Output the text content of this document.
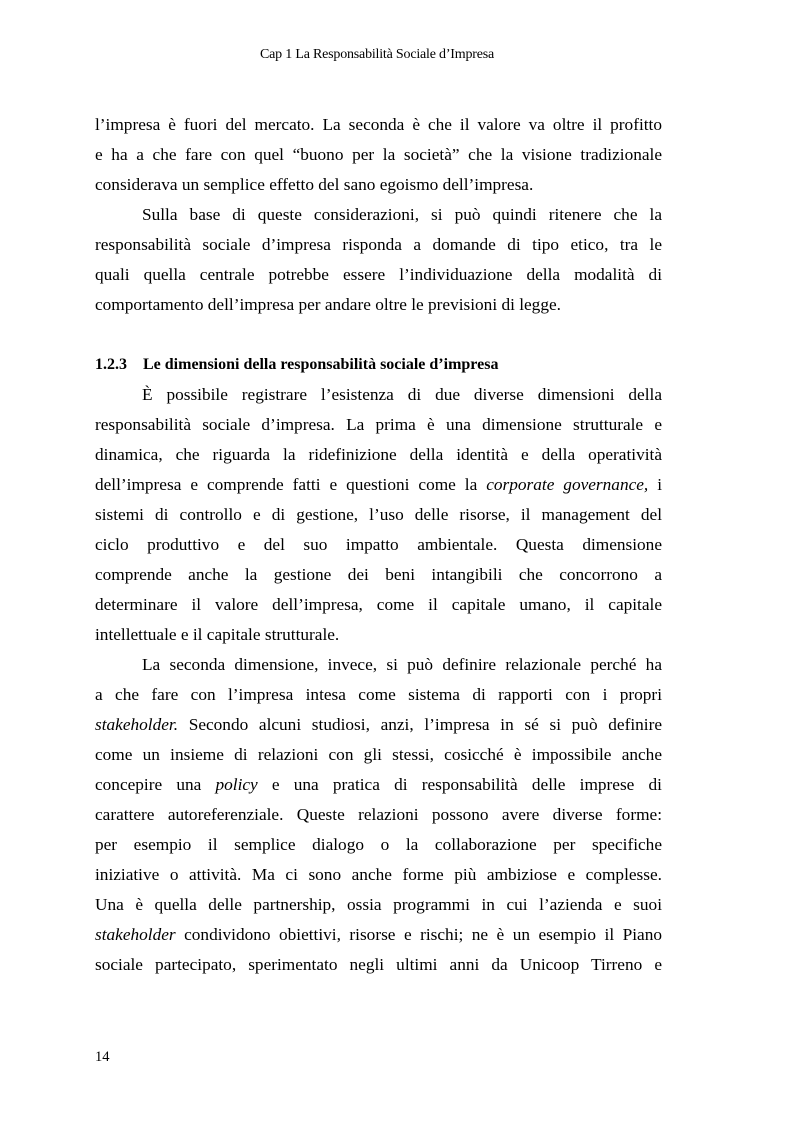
Cap 1 La Responsabilità Sociale d’Impresa
l’impresa è fuori del mercato. La seconda è che il valore va oltre il profitto
e ha a che fare con quel “buono per la società” che la visione tradizionale
considerava un semplice effetto del sano egoismo dell’impresa.
Sulla base di queste considerazioni, si può quindi ritenere che la
responsabilità sociale d’impresa risponda a domande di tipo etico, tra le
quali quella centrale potrebbe essere l’individuazione della modalità di
comportamento dell’impresa per andare oltre le previsioni di legge.
1.2.3 Le dimensioni della responsabilità sociale d’impresa
È possibile registrare l’esistenza di due diverse dimensioni della
responsabilità sociale d’impresa. La prima è una dimensione strutturale e
dinamica, che riguarda la ridefinizione della identità e della operatività
dell’impresa e comprende fatti e questioni come la corporate governance, i
sistemi di controllo e di gestione, l’uso delle risorse, il management del
ciclo produttivo e del suo impatto ambientale. Questa dimensione
comprende anche la gestione dei beni intangibili che concorrono a
determinare il valore dell’impresa, come il capitale umano, il capitale
intellettuale e il capitale strutturale.
La seconda dimensione, invece, si può definire relazionale perché ha
a che fare con l’impresa intesa come sistema di rapporti con i propri
stakeholder. Secondo alcuni studiosi, anzi, l’impresa in sé si può definire
come un insieme di relazioni con gli stessi, cosicché è impossibile anche
concepire una policy e una pratica di responsabilità delle imprese di
carattere autoreferenziale. Queste relazioni possono avere diverse forme:
per esempio il semplice dialogo o la collaborazione per specifiche
iniziative o attività. Ma ci sono anche forme più ambiziose e complesse.
Una è quella delle partnership, ossia programmi in cui l’azienda e suoi
stakeholder condividono obiettivi, risorse e rischi; ne è un esempio il Piano
sociale partecipato, sperimentato negli ultimi anni da Unicoop Tirreno e
14
